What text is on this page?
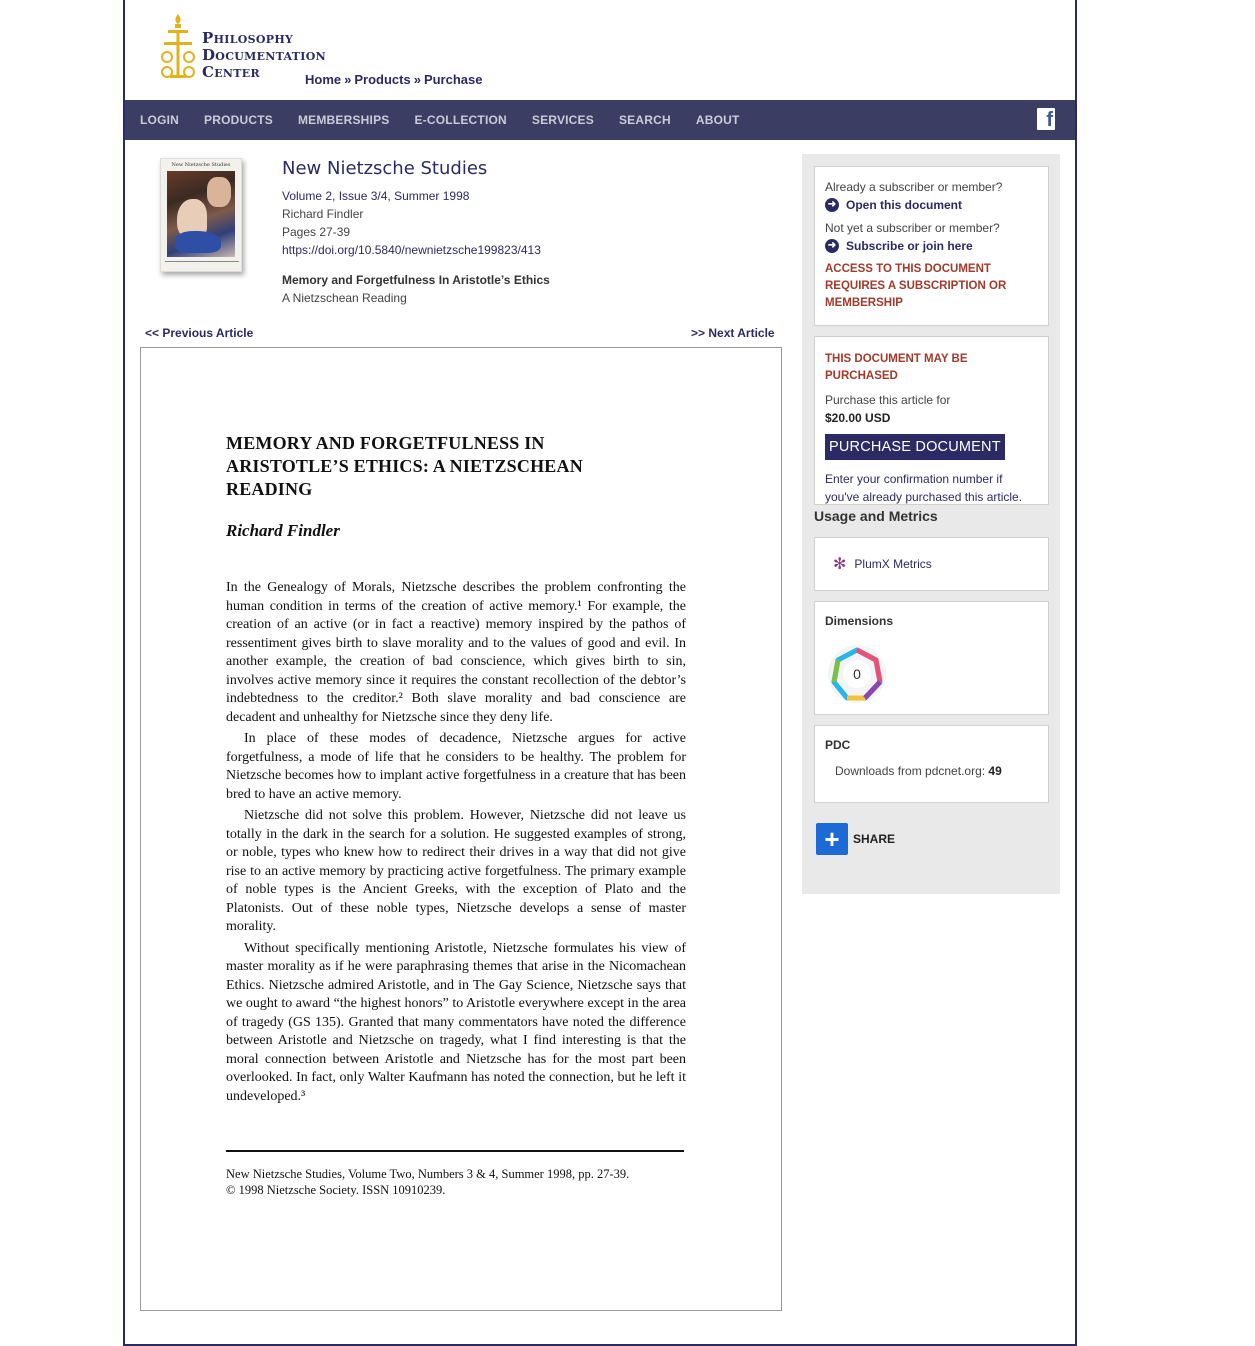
Philosophy
Documentation
Center	Home » Products » Purchase
LOGIN PRODUCTS MEMBERSHIPS E-COLLECTION SERVICES SEARCH ABOUT	f
New Nietzsche Studies	New Nietzsche Studies
Volume 2, Issue 3/4, Summer 1998
Richard Findler
Pages 27-39
https://doi.org/10.5840/newnietzsche199823/413
Memory and Forgetfulness In Aristotle’s Ethics
A Nietzschean Reading
<< Previous Article	>> Next Article
MEMORY AND FORGETFULNESS IN
ARISTOTLE’S ETHICS: A NIETZSCHEAN
READING
Richard Findler

In the Genealogy of Morals, Nietzsche describes the problem confronting the human condition in terms of the creation of active memory.¹ For example, the creation of an active (or in fact a reactive) memory inspired by the pathos of ressentiment gives birth to slave morality and to the values of good and evil. In another example, the creation of bad conscience, which gives birth to sin, involves active memory since it requires the constant recollection of the debtor’s indebtedness to the creditor.² Both slave morality and bad conscience are decadent and unhealthy for Nietzsche since they deny life.

In place of these modes of decadence, Nietzsche argues for active forgetfulness, a mode of life that he considers to be healthy. The problem for Nietzsche becomes how to implant active forgetfulness in a creature that has been bred to have an active memory.

Nietzsche did not solve this problem. However, Nietzsche did not leave us totally in the dark in the search for a solution. He suggested examples of strong, or noble, types who knew how to redirect their drives in a way that did not give rise to an active memory by practicing active forgetfulness. The primary example of noble types is the Ancient Greeks, with the exception of Plato and the Platonists. Out of these noble types, Nietzsche develops a sense of master morality.

Without specifically mentioning Aristotle, Nietzsche formulates his view of master morality as if he were paraphrasing themes that arise in the Nicomachean Ethics. Nietzsche admired Aristotle, and in The Gay Science, Nietzsche says that we ought to award “the highest honors” to Aristotle everywhere except in the area of tragedy (GS 135). Granted that many commentators have noted the difference between Aristotle and Nietzsche on tragedy, what I find interesting is that the moral connection between Aristotle and Nietzsche has for the most part been overlooked. In fact, only Walter Kaufmann has noted the connection, but he left it undeveloped.³

New Nietzsche Studies, Volume Two, Numbers 3 & 4, Summer 1998, pp. 27-39.
© 1998 Nietzsche Society. ISSN 10910239.
Already a subscriber or member?
➜ Open this document
Not yet a subscriber or member?
➜ Subscribe or join here
ACCESS TO THIS DOCUMENT REQUIRES A SUBSCRIPTION OR MEMBERSHIP
THIS DOCUMENT MAY BE PURCHASED
Purchase this article for
$20.00 USD
PURCHASE DOCUMENT
Enter your confirmation number if you've already purchased this article.
Usage and Metrics
✻ PlumX Metrics
Dimensions
0
PDC
Downloads from pdcnet.org: 49
+	SHARE
